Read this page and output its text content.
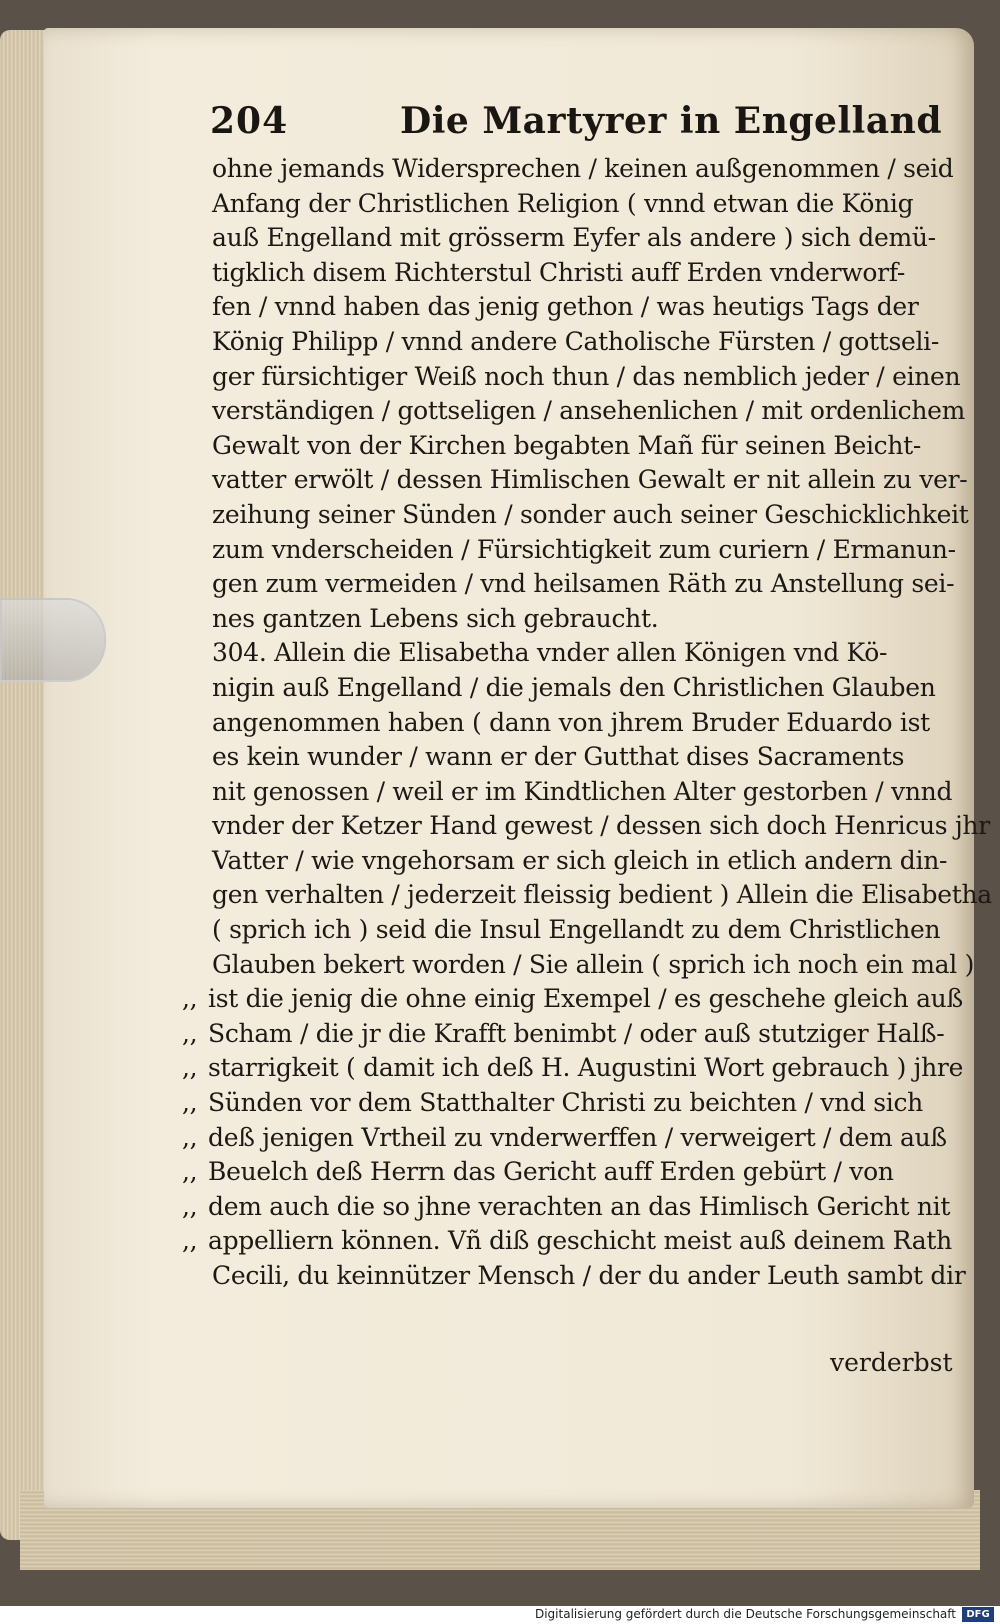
204	Die Martyrer in Engelland
ohne jemands Widersprechen / keinen außgenommen / seid
Anfang der Christlichen Religion ( vnnd etwan die König
auß Engelland mit grösserm Eyfer als andere ) sich demü-
tigklich disem Richterstul Christi auff Erden vnderworf-
fen / vnnd haben das jenig gethon / was heutigs Tags der
König Philipp / vnnd andere Catholische Fürsten / gottseli-
ger fürsichtiger Weiß noch thun / das nemblich jeder / einen
verständigen / gottseligen / ansehenlichen / mit ordenlichem
Gewalt von der Kirchen begabten Mañ für seinen Beicht-
vatter erwölt / dessen Himlischen Gewalt er nit allein zu ver-
zeihung seiner Sünden / sonder auch seiner Geschicklichkeit
zum vnderscheiden / Fürsichtigkeit zum curiern / Ermanun-
gen zum vermeiden / vnd heilsamen Räth zu Anstellung sei-
nes gantzen Lebens sich gebraucht.
304. Allein die Elisabetha vnder allen Königen vnd Kö-
nigin auß Engelland / die jemals den Christlichen Glauben
angenommen haben ( dann von jhrem Bruder Eduardo ist
es kein wunder / wann er der Gutthat dises Sacraments
nit genossen / weil er im Kindtlichen Alter gestorben / vnnd
vnder der Ketzer Hand gewest / dessen sich doch Henricus jhr
Vatter / wie vngehorsam er sich gleich in etlich andern din-
gen verhalten / jederzeit fleissig bedient ) Allein die Elisabetha
( sprich ich ) seid die Insul Engellandt zu dem Christlichen
Glauben bekert worden / Sie allein ( sprich ich noch ein mal )
,, ist die jenig die ohne einig Exempel / es geschehe gleich auß
,, Scham / die jr die Krafft benimbt / oder auß stutziger Halß-
,, starrigkeit ( damit ich deß H. Augustini Wort gebrauch ) jhre
,, Sünden vor dem Statthalter Christi zu beichten / vnd sich
,, deß jenigen Vrtheil zu vnderwerffen / verweigert / dem auß
,, Beuelch deß Herrn das Gericht auff Erden gebürt / von
,, dem auch die so jhne verachten an das Himlisch Gericht nit
,, appelliern können. Vñ diß geschicht meist auß deinem Rath
Cecili, du keinnützer Mensch / der du ander Leuth sambt dir
verderbst
Digitalisierung gefördert durch die Deutsche Forschungsgemeinschaft	DFG
